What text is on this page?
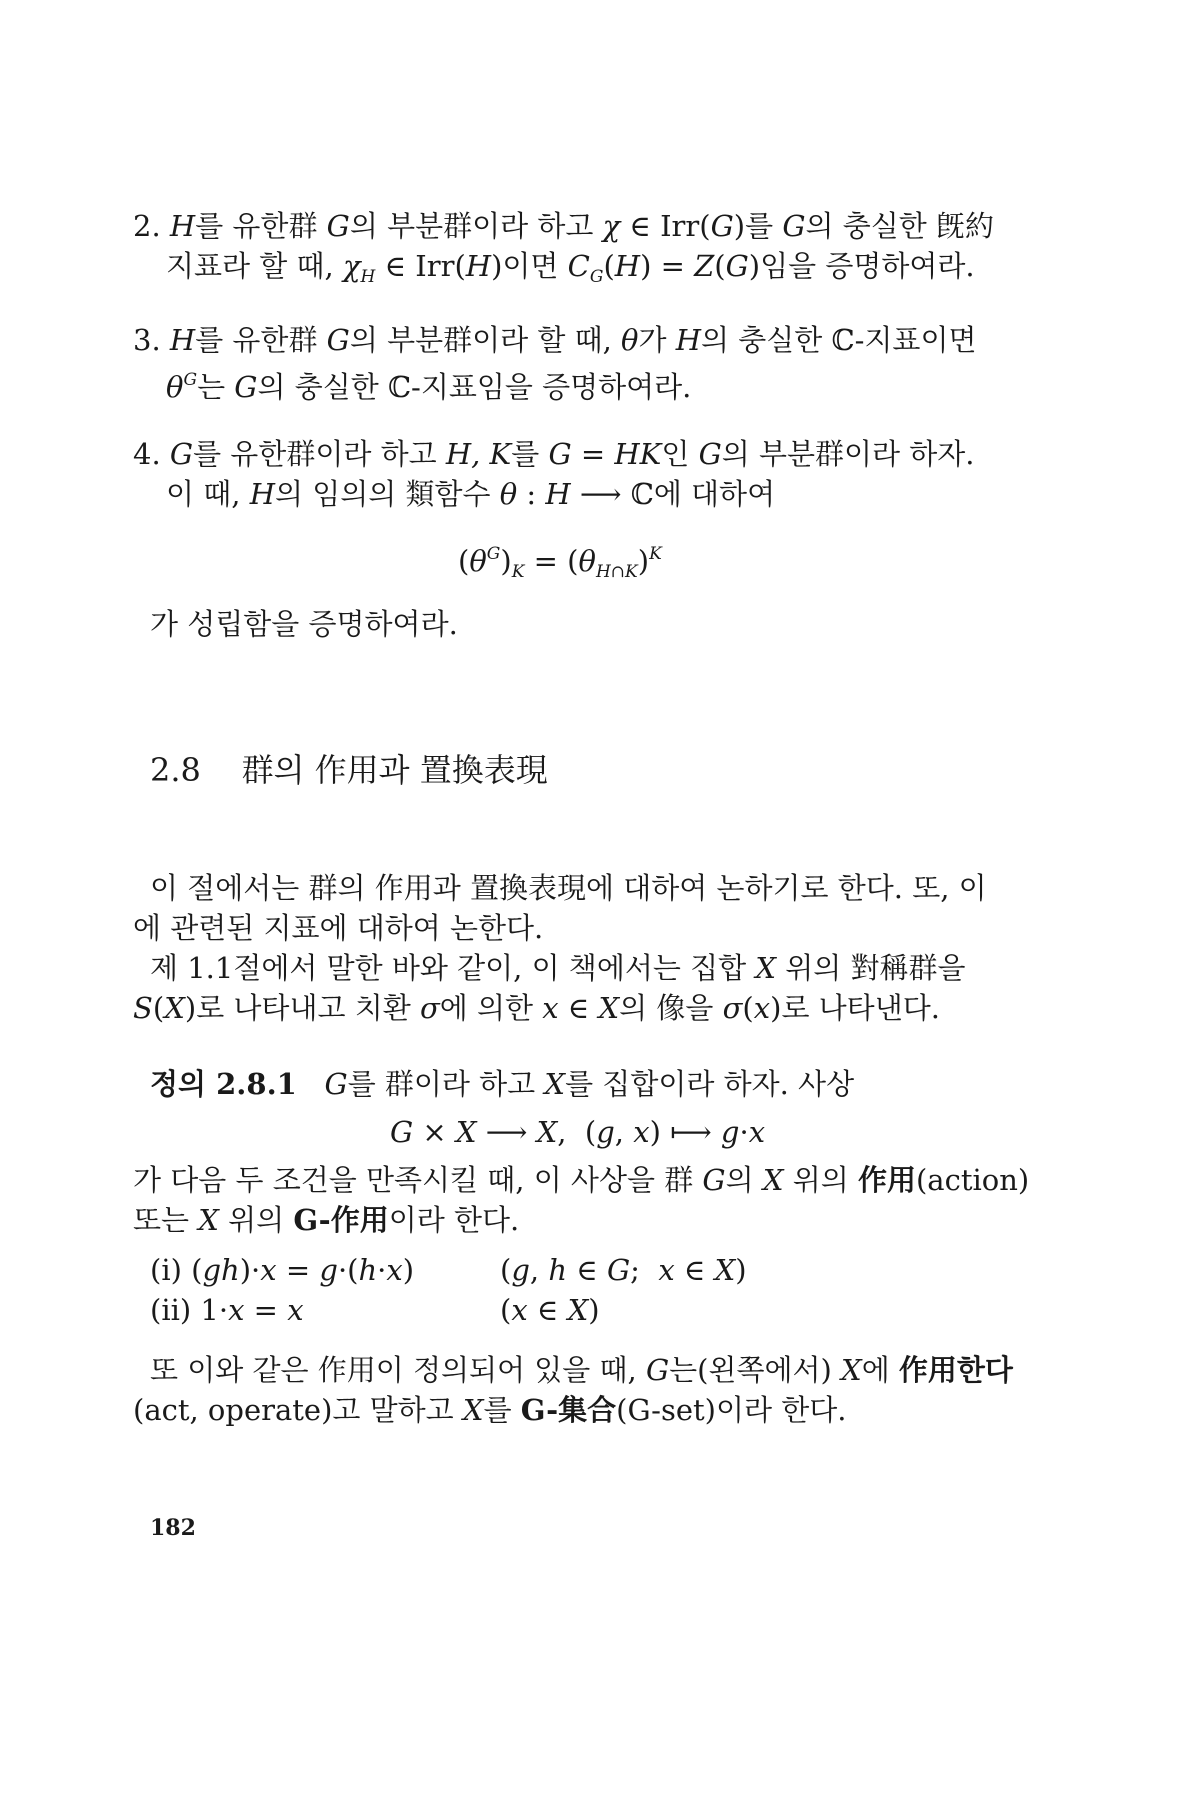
2. H를 유한群 G의 부분群이라 하고 χ ∈ Irr(G)를 G의 충실한 旣約
지표라 할 때, $\chi_H$ ∈ Irr(H)이면 $C_G(H) = Z(G)$임을 증명하여라.
3. H를 유한群 G의 부분群이라 할 때, θ가 H의 충실한 ℂ-지표이면
$\theta^G$는 G의 충실한 ℂ-지표임을 증명하여라.
4. G를 유한群이라 하고 H, K를 G = HK인 G의 부분群이라 하자.
이 때, H의 임의의 類함수 θ : H ⟶ ℂ에 대하여
$(\theta^G)_K = (\theta_{H\cap K})^K$
가 성립함을 증명하여라.
2.8 群의 作用과 置換表現
이 절에서는 群의 作用과 置換表現에 대하여 논하기로 한다. 또, 이
에 관련된 지표에 대하여 논한다.
제 1.1절에서 말한 바와 같이, 이 책에서는 집합 X 위의 對稱群을
S(X)로 나타내고 치환 σ에 의한 x ∈ X의 像을 σ(x)로 나타낸다.
정의 2.8.1 G를 群이라 하고 X를 집합이라 하자. 사상
G × X ⟶ X,  (g, x) ⟼ g·x
가 다음 두 조건을 만족시킬 때, 이 사상을 群 G의 X 위의 作用(action)
또는 X 위의 G-作用이라 한다.
(i) (gh)·x = g·(h·x)	(g, h ∈ G;  x ∈ X)
(ii) 1·x = x	(x ∈ X)
또 이와 같은 作用이 정의되어 있을 때, G는(왼쪽에서) X에 作用한다
(act, operate)고 말하고 X를 G-集合(G-set)이라 한다.
182
